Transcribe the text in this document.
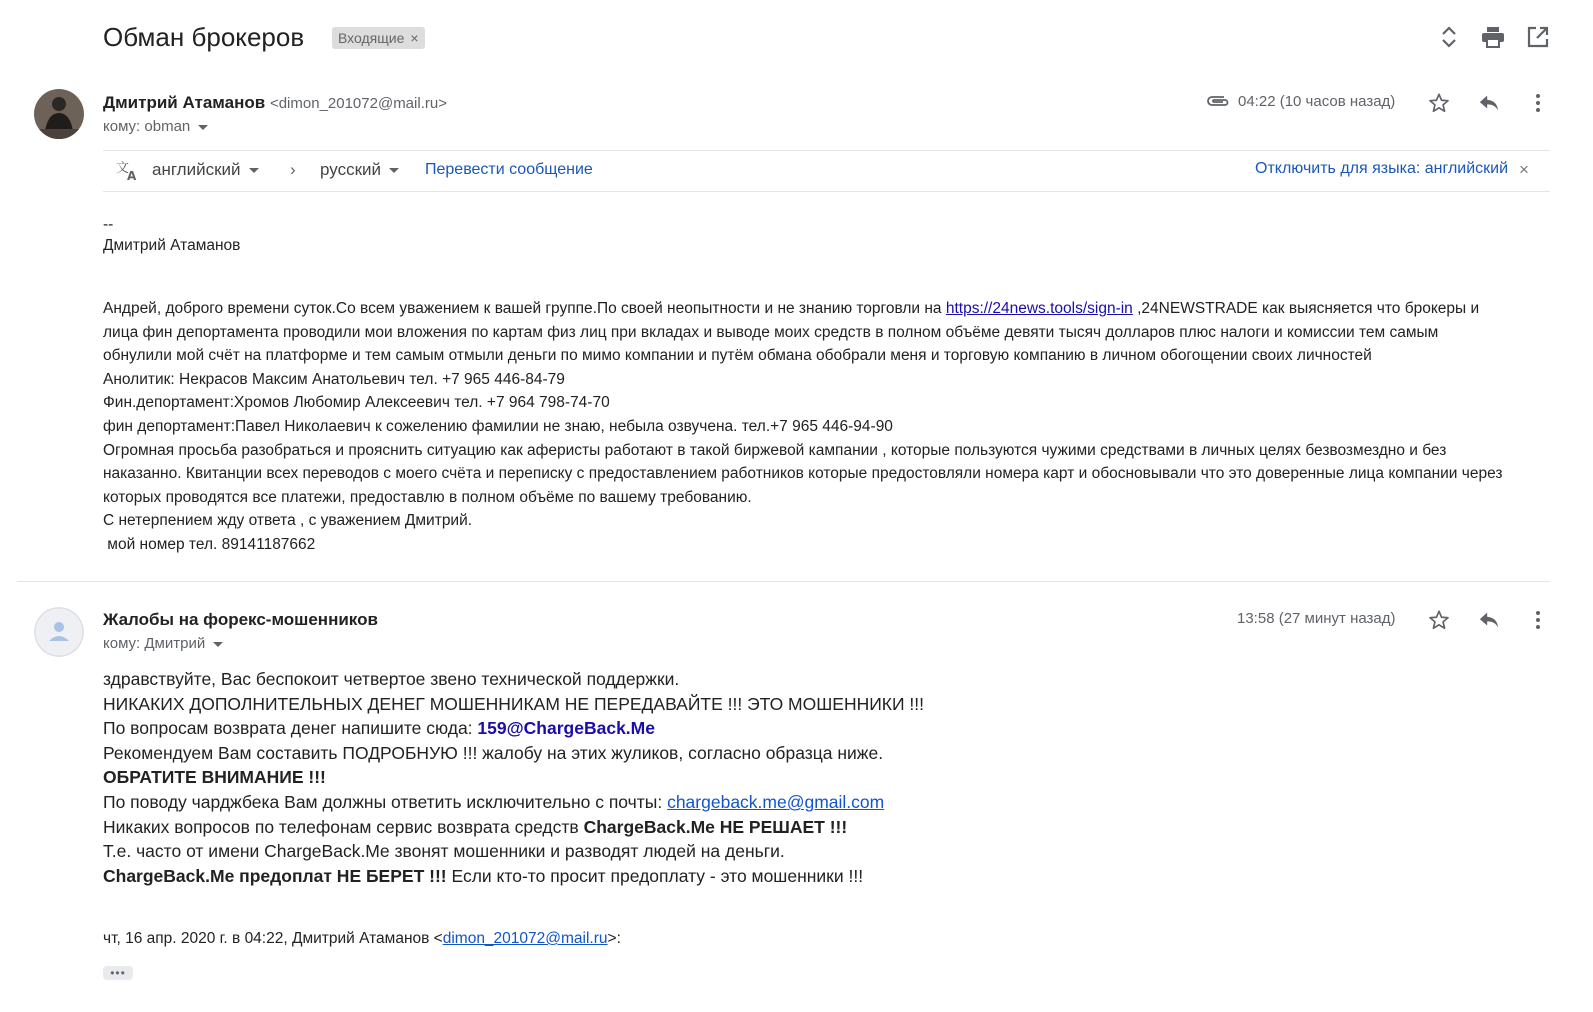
Обман брокеров	Входящие ×
Дмитрий Атаманов <dimon_201072@mail.ru>
кому: obman
04:22 (10 часов назад)
文
A английский	› русский	Перевести сообщение	Отключить для языка: английский ×
--
Дмитрий Атаманов
Андрей, доброго времени суток.Со всем уважением к вашей группе.По своей неопытности и не знанию торговли на https://24news.tools/sign-in ,24NEWSTRADE как выясняется что брокеры и
лица фин депортамента проводили мои вложения по картам физ лиц при вкладах и выводе моих средств в полном объёме девяти тысяч долларов плюс налоги и комиссии тем самым
обнулили мой счёт на платформе и тем самым отмыли деньги по мимо компании и путём обмана обобрали меня и торговую компанию в личном обогощении своих личностей
Анолитик: Некрасов Максим Анатольевич тел. +7 965 446-84-79
Фин.депортамент:Хромов Любомир Алексеевич тел. +7 964 798-74-70
фин депортамент:Павел Николаевич к сожелению фамилии не знаю, небыла озвучена. тел.+7 965 446-94-90
Огромная просьба разобраться и прояснить ситуацию как аферисты работают в такой биржевой кампании , которые пользуются чужими средствами в личных целях безвозмездно и без
наказанно. Квитанции всех переводов с моего счёта и переписку с предоставлением работников которые предостовляли номера карт и обосновывали что это доверенные лица компании через
которых проводятся все платежи, предоставлю в полном объёме по вашему требованию.
С нетерпением жду ответа , с уважением Дмитрий.
мой номер тел. 89141187662
Жалобы на форекс-мошенников
кому: Дмитрий
13:58 (27 минут назад)
здравствуйте, Вас беспокоит четвертое звено технической поддержки.
НИКАКИХ ДОПОЛНИТЕЛЬНЫХ ДЕНЕГ МОШЕННИКАМ НЕ ПЕРЕДАВАЙТЕ !!! ЭТО МОШЕННИКИ !!!
По вопросам возврата денег напишите сюда: 159@ChargeBack.Me
Рекомендуем Вам составить ПОДРОБНУЮ !!! жалобу на этих жуликов, согласно образца ниже.
ОБРАТИТЕ ВНИМАНИЕ !!!
По поводу чарджбека Вам должны ответить исключительно с почты: chargeback.me@gmail.com
Никаких вопросов по телефонам сервис возврата средств ChargeBack.Me НЕ РЕШАЕТ !!!
Т.е. часто от имени ChargeBack.Me звонят мошенники и разводят людей на деньги.
ChargeBack.Me предоплат НЕ БЕРЕТ !!! Если кто-то просит предоплату - это мошенники !!!
чт, 16 апр. 2020 г. в 04:22, Дмитрий Атаманов <dimon_201072@mail.ru>:
•••
